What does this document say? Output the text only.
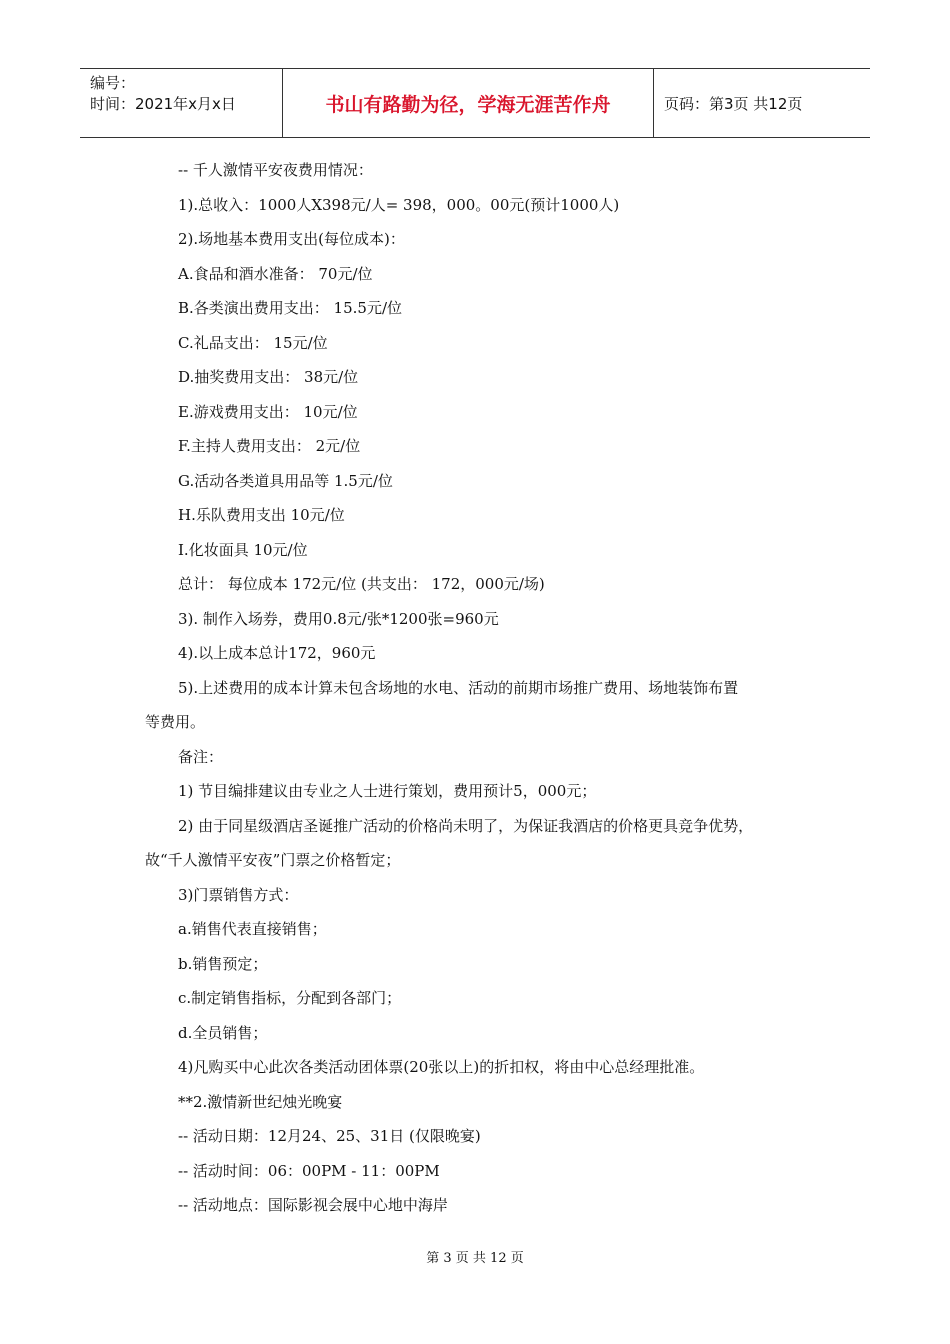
编号：
时间：2021年x月x日	书山有路勤为径，学海无涯苦作舟	页码：第3页 共12页
-- 千人激情平安夜费用情况：
1).总收入：1000人X398元/人= 398，000。00元(预计1000人)
2).场地基本费用支出(每位成本)：
A.食品和酒水准备： 70元/位
B.各类演出费用支出： 15.5元/位
C.礼品支出： 15元/位
D.抽奖费用支出： 38元/位
E.游戏费用支出： 10元/位
F.主持人费用支出： 2元/位
G.活动各类道具用品等 1.5元/位
H.乐队费用支出 10元/位
I.化妆面具 10元/位
总计： 每位成本 172元/位 (共支出： 172，000元/场)
3). 制作入场券，费用0.8元/张*1200张=960元
4).以上成本总计172，960元
5).上述费用的成本计算未包含场地的水电、活动的前期市场推广费用、场地装饰布置
等费用。
备注：
1) 节目编排建议由专业之人士进行策划，费用预计5，000元；
2) 由于同星级酒店圣诞推广活动的价格尚未明了，为保证我酒店的价格更具竞争优势，
故“千人激情平安夜”门票之价格暂定；
3)门票销售方式：
a.销售代表直接销售；
b.销售预定；
c.制定销售指标，分配到各部门；
d.全员销售；
4)凡购买中心此次各类活动团体票(20张以上)的折扣权，将由中心总经理批准。
**2.激情新世纪烛光晚宴
-- 活动日期：12月24、25、31日 (仅限晚宴)
-- 活动时间：06：00PM - 11：00PM
-- 活动地点：国际影视会展中心地中海岸
第 3 页 共 12 页
